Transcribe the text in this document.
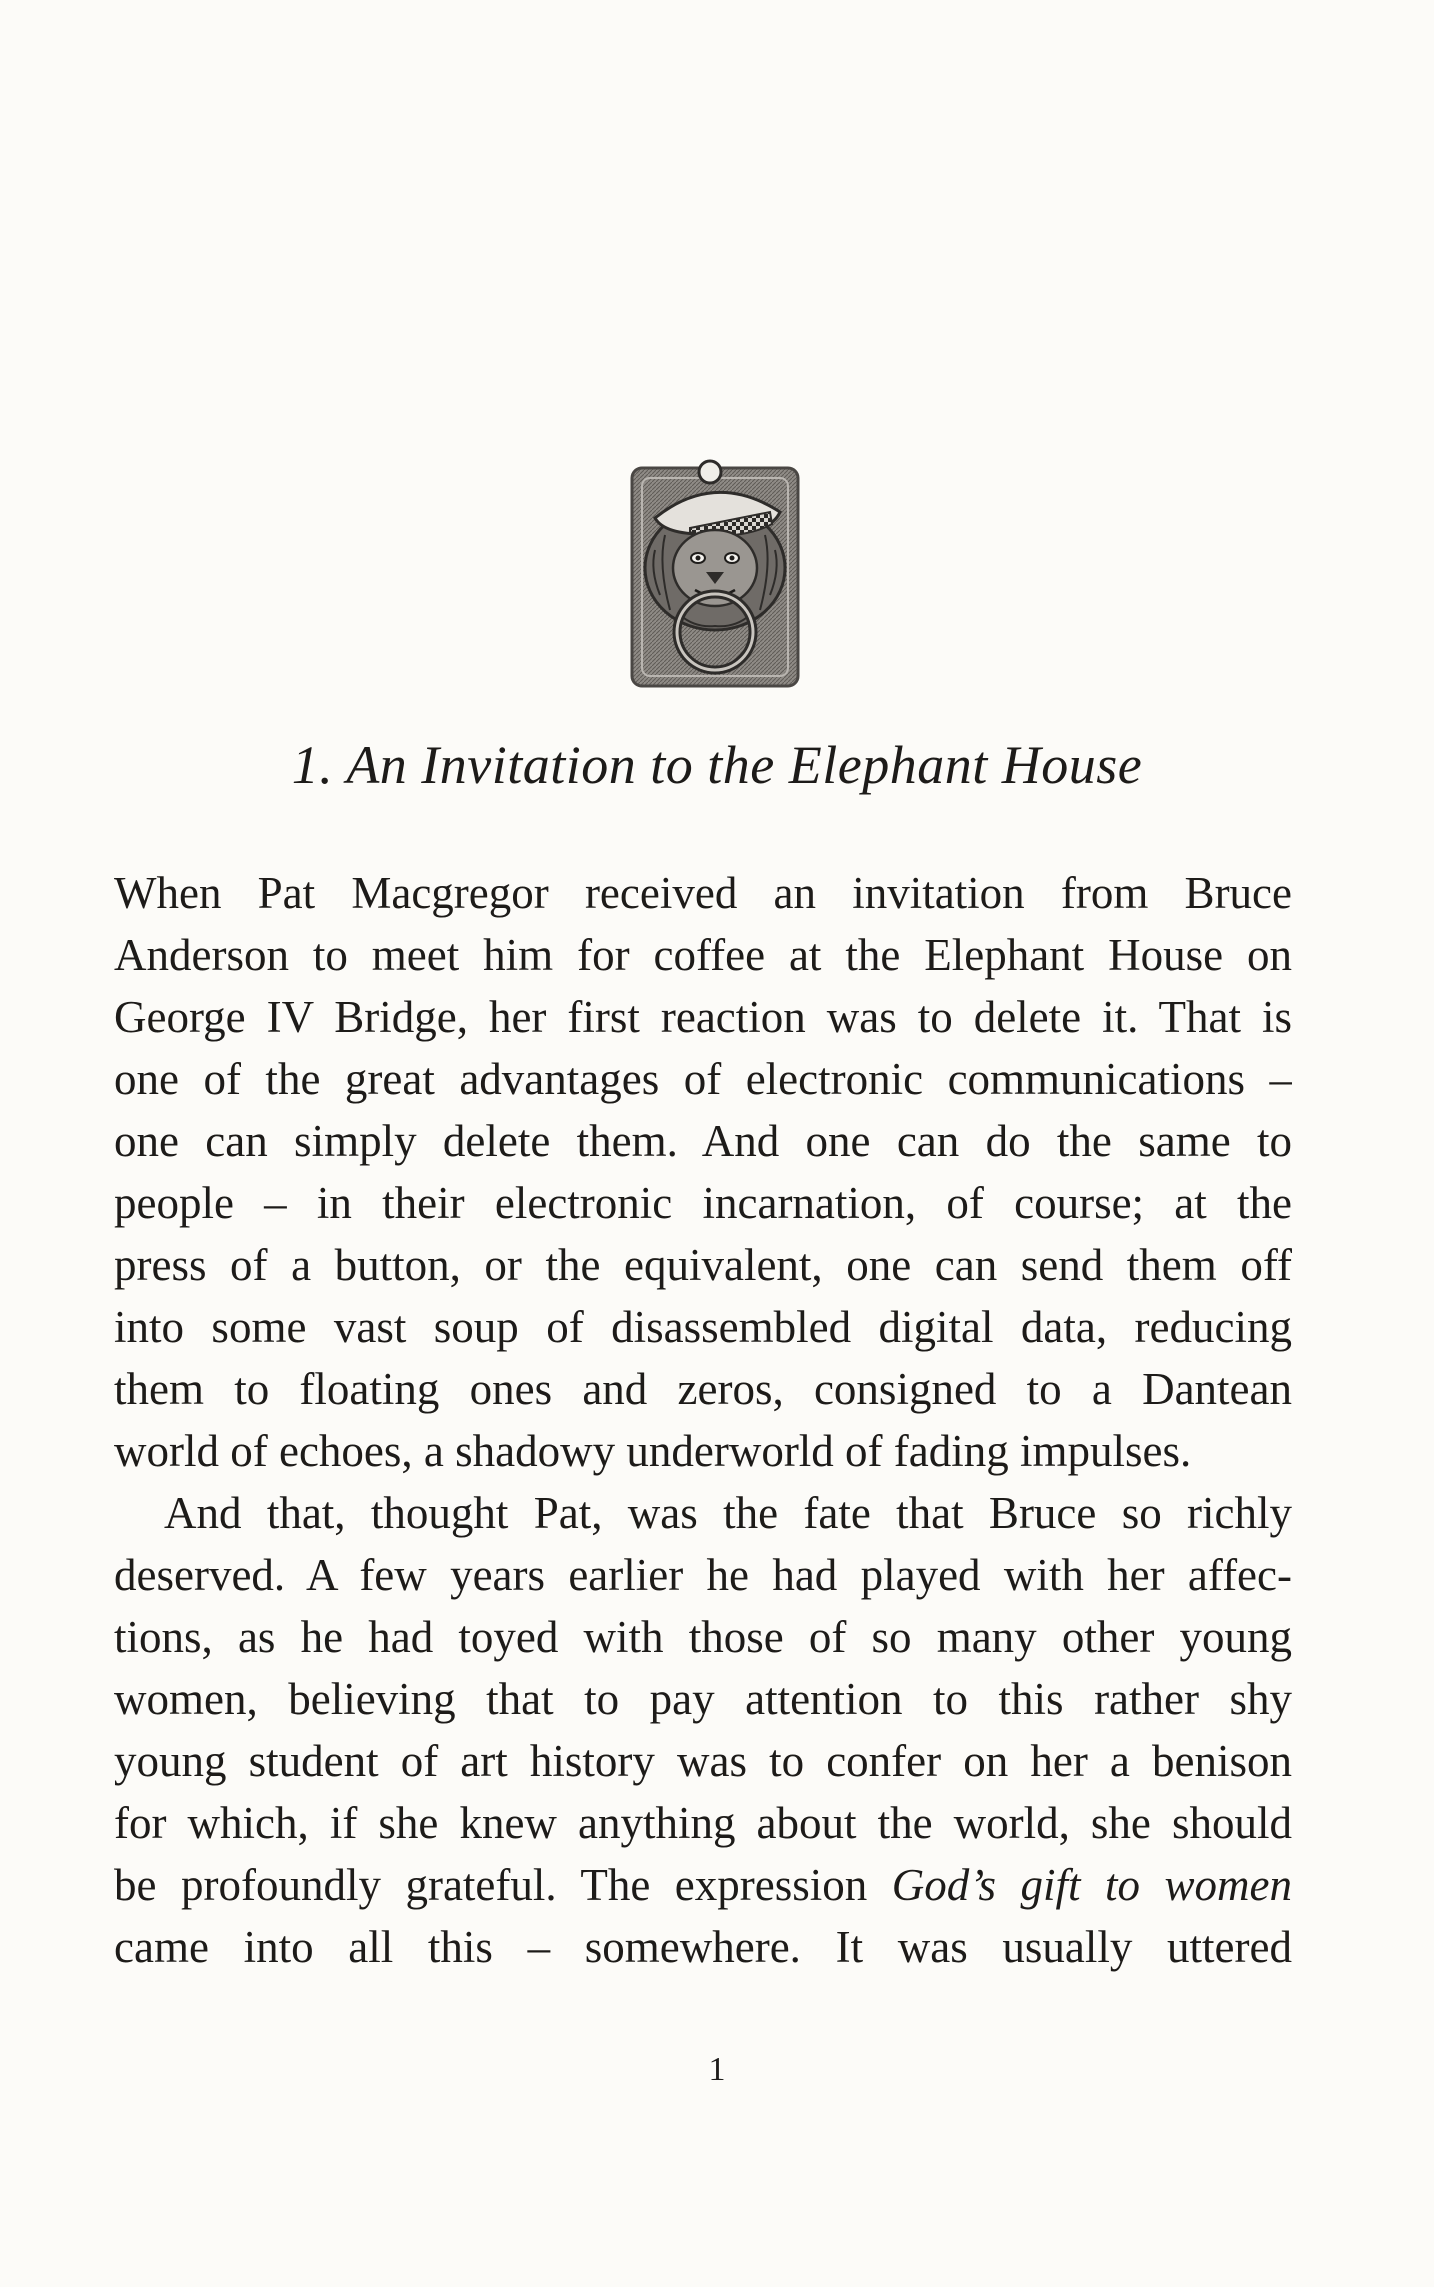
1. An Invitation to the Elephant House
When Pat Macgregor received an invitation from Bruce
Anderson to meet him for coffee at the Elephant House on
George IV Bridge, her first reaction was to delete it. That is
one of the great advantages of electronic communications –
one can simply delete them. And one can do the same to
people – in their electronic incarnation, of course; at the
press of a button, or the equivalent, one can send them off
into some vast soup of disassembled digital data, reducing
them to floating ones and zeros, consigned to a Dantean
world of echoes, a shadowy underworld of fading impulses.
And that, thought Pat, was the fate that Bruce so richly
deserved. A few years earlier he had played with her affec-
tions, as he had toyed with those of so many other young
women, believing that to pay attention to this rather shy
young student of art history was to confer on her a benison
for which, if she knew anything about the world, she should
be profoundly grateful. The expression God’s gift to women
came into all this – somewhere. It was usually uttered
1
